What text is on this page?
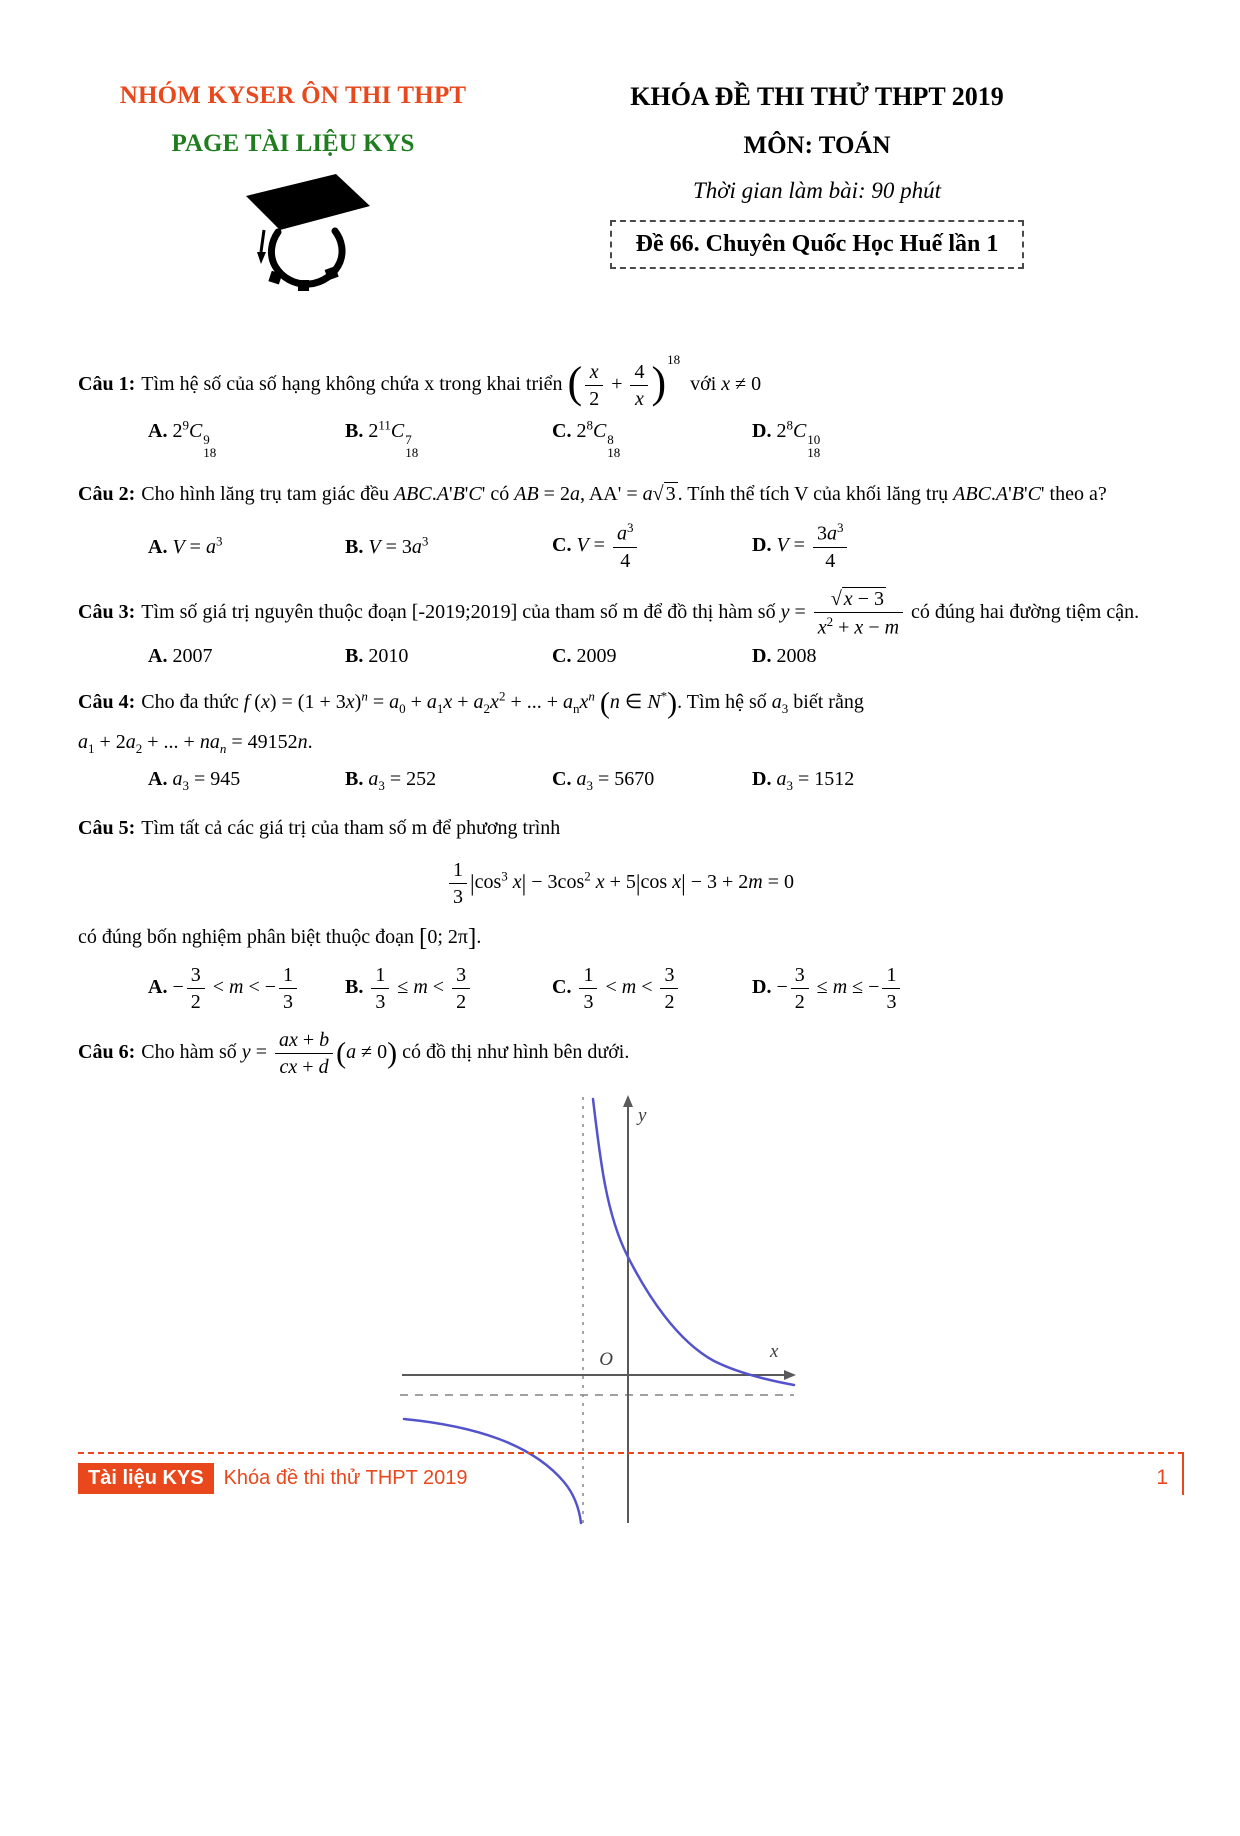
NHÓM KYSER ÔN THI THPT
PAGE TÀI LIỆU KYS
KHÓA ĐỀ THI THỬ THPT 2019
MÔN: TOÁN
Thời gian làm bài: 90 phút
Đề 66. Chuyên Quốc Học Huế lần 1

Câu 1: Tìm hệ số của số hạng không chứa x trong khai triển ( $\frac{x}{2} + \frac{4}{x} )^{18}$  với x ≠ 0

A. $2^9C$ 9
18
B. $2^{11}C$ 7
18
C. $2^8C$ 8
18
D. $2^8C$ 10
18

Câu 2: Cho hình lăng trụ tam giác đều ABC.A'B'C' có AB = 2a, AA' = a√ 3 . Tính thể tích V của khối lăng trụ ABC.A'B'C' theo a?

A. $V = a^3$	B. $V = 3a^3$	C. $V = \frac{a^3}{4}$	D. $V = \frac{3a^3}{4}$

Câu 3: Tìm số giá trị nguyên thuộc đoạn [-2019;2019] của tham số m để đồ thị hàm số $y = \frac{√ x - 3}{x^2 + x - m}$ có đúng hai đường tiệm cận.

A. 2007	B. 2010	C. 2009	D. 2008

Câu 4: Cho đa thức f $(x) = (1 + 3x)^n = a_0 + a_1x + a_2x^2$ + ... + $a_nx^n$ (n ∈ N*). Tìm hệ số $a_3$ biết rằng

$a_1 + 2a_2$ + ... + $na_n = 49152n$.

A. $a_3 = 945$	B. $a_3 = 252$	C. $a_3 = 5670$	D. $a_3 = 1512$

Câu 5: Tìm tất cả các giá trị của tham số m để phương trình

$\frac{1}{3} |\cos^3$ $x| - 3\cos^2$ x + 5|cos x| − 3 + 2m = 0

có đúng bốn nghiệm phân biệt thuộc đoạn [0; 2π].

A. − $\frac{3}{2} < m$ < − $\frac{1}{3} B$. $\frac{1}{3} \le m < \frac{3}{2}$	C. $\frac{1}{3} < m < \frac{3}{2}$	D. − $\frac{3}{2} \le m$ ≤ − $\frac{1}{3}$

Câu 6: Cho hàm số $y = \frac{ax + b}{cx + d} (a \ne 0)$ có đồ thị như hình bên dưới.

O	x
y
Tài liệu KYS	Khóa đề thi thử THPT 2019	1
